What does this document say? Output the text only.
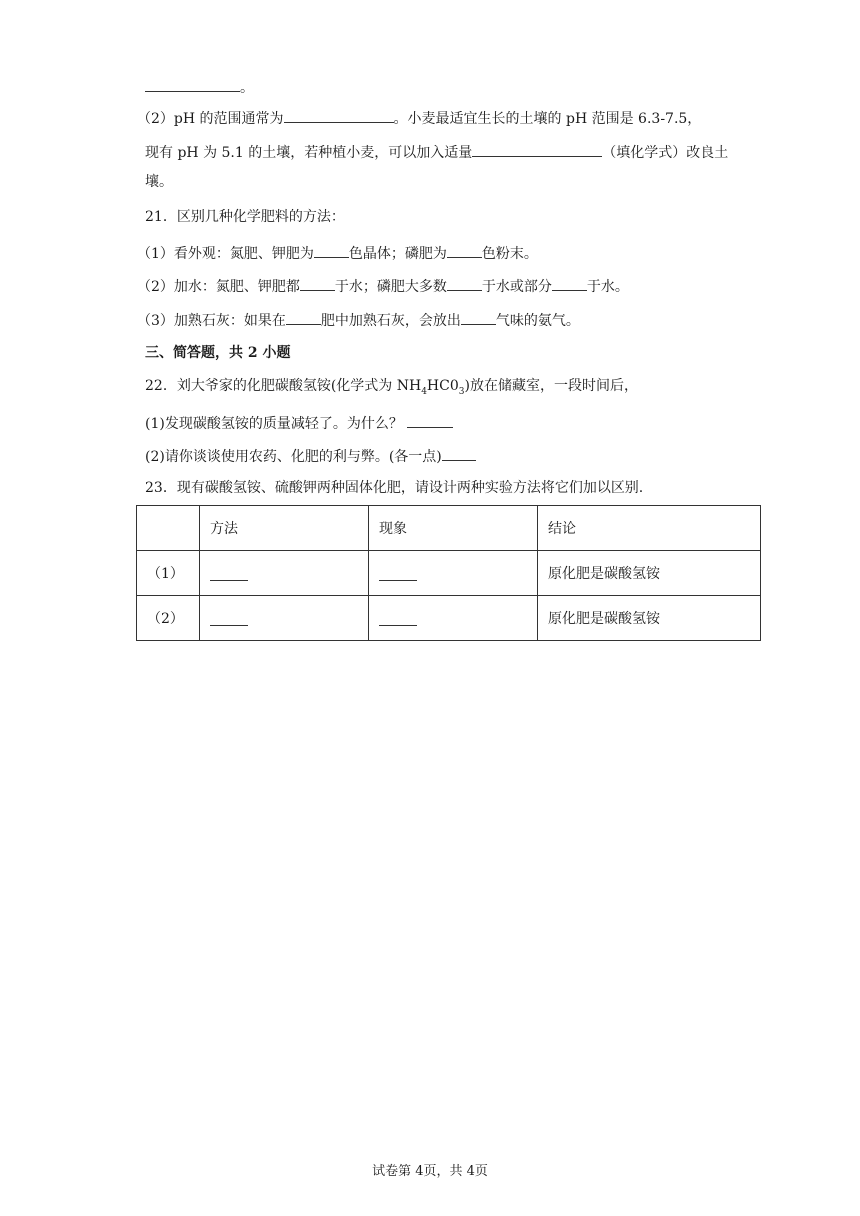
。
（2）pH 的范围通常为	。小麦最适宜生长的土壤的 pH 范围是 6.3-7.5，
现有 pH 为 5.1 的土壤，若种植小麦，可以加入适量	（填化学式）改良土
壤。
21．区别几种化学肥料的方法：
（1）看外观：氮肥、钾肥为	色晶体；磷肥为	色粉末。
（2）加水：氮肥、钾肥都	于水；磷肥大多数	于水或部分	于水。
（3）加熟石灰：如果在	肥中加熟石灰，会放出	气味的氨气。
三、简答题，共 2 小题
22．刘大爷家的化肥碳酸氢铵(化学式为 $NH_4HC0_3$)放在储藏室，一段时间后，
(1)发现碳酸氢铵的质量减轻了。为什么？
(2)请你谈谈使用农药、化肥的利与弊。(各一点)
23．现有碳酸氢铵、硫酸钾两种固体化肥，请设计两种实验方法将它们加以区别.
	方法	现象	结论
（1）			原化肥是碳酸氢铵
（2）			原化肥是碳酸氢铵
试卷第 4页，共 4页
